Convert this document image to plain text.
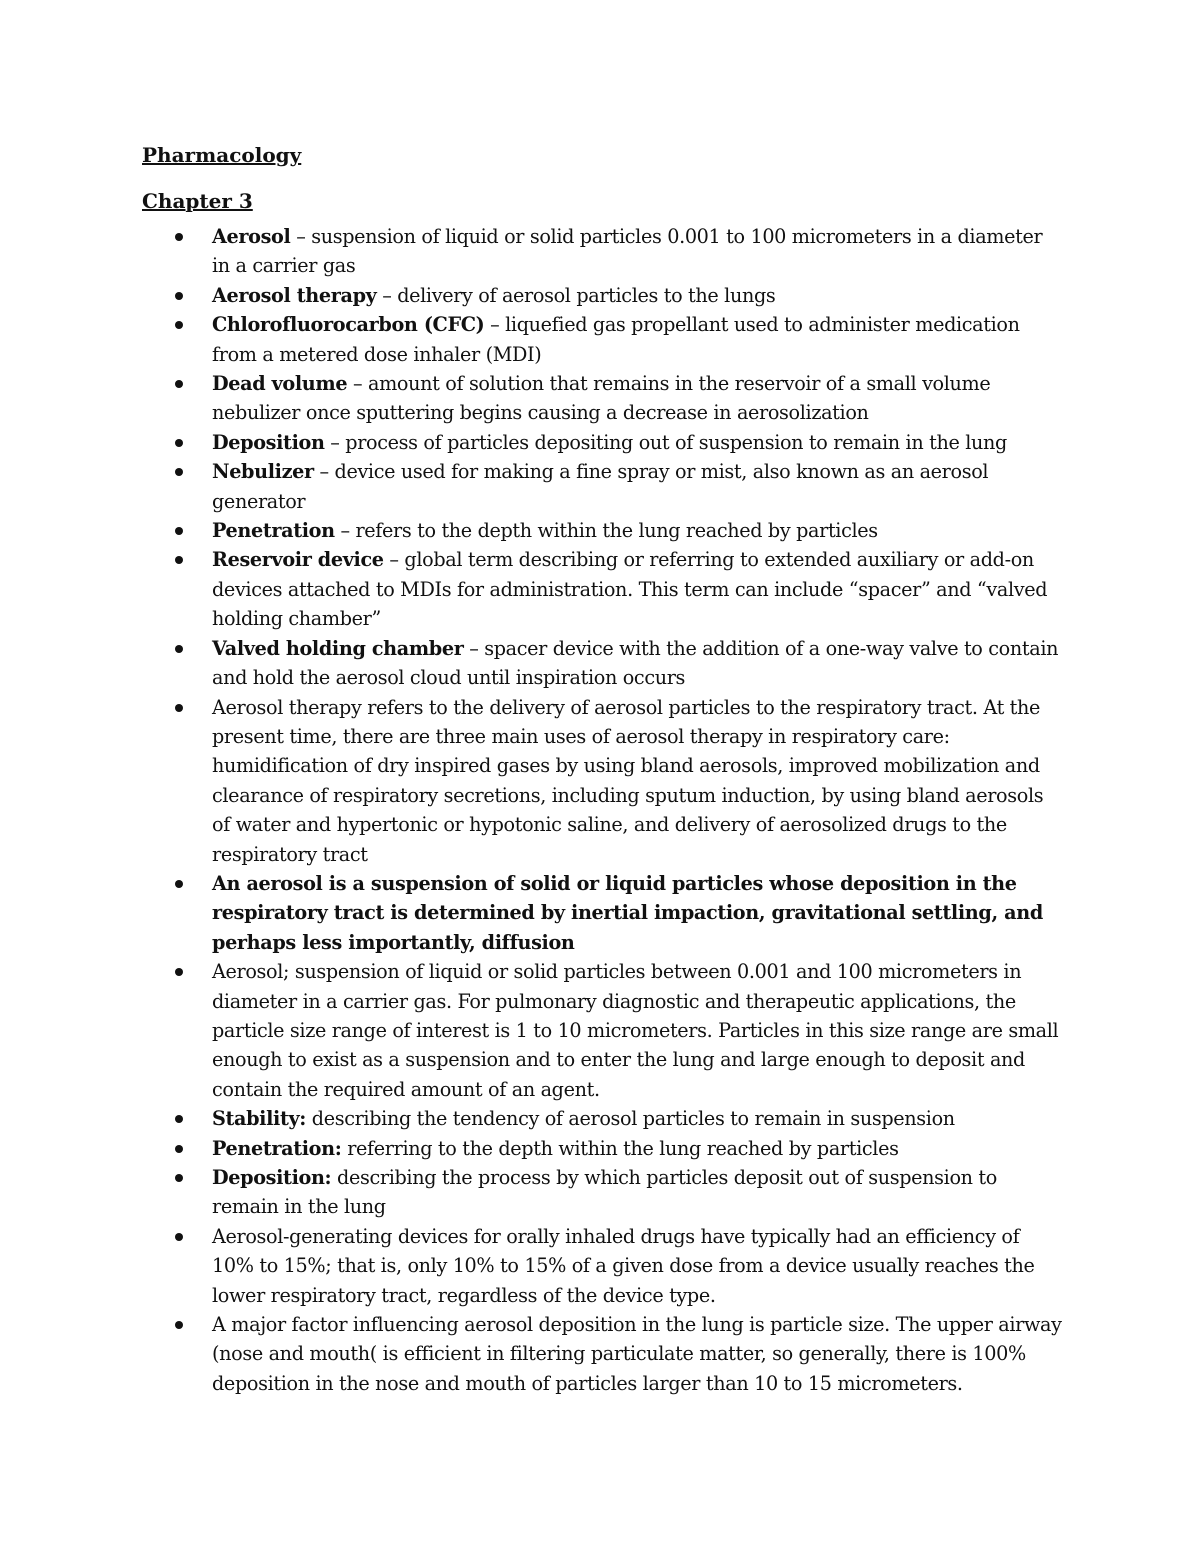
Pharmacology

Chapter 3

Aerosol – suspension of liquid or solid particles 0.001 to 100 micrometers in a diameter in a carrier gas
Aerosol therapy – delivery of aerosol particles to the lungs
Chlorofluorocarbon (CFC) – liquefied gas propellant used to administer medication from a metered dose inhaler (MDI)
Dead volume – amount of solution that remains in the reservoir of a small volume nebulizer once sputtering begins causing a decrease in aerosolization
Deposition – process of particles depositing out of suspension to remain in the lung
Nebulizer – device used for making a fine spray or mist, also known as an aerosol generator
Penetration – refers to the depth within the lung reached by particles
Reservoir device – global term describing or referring to extended auxiliary or add-on devices attached to MDIs for administration. This term can include “spacer” and “valved holding chamber”
Valved holding chamber – spacer device with the addition of a one-way valve to contain and hold the aerosol cloud until inspiration occurs
Aerosol therapy refers to the delivery of aerosol particles to the respiratory tract. At the present time, there are three main uses of aerosol therapy in respiratory care: humidification of dry inspired gases by using bland aerosols, improved mobilization and clearance of respiratory secretions, including sputum induction, by using bland aerosols of water and hypertonic or hypotonic saline, and delivery of aerosolized drugs to the respiratory tract
An aerosol is a suspension of solid or liquid particles whose deposition in the respiratory tract is determined by inertial impaction, gravitational settling, and perhaps less importantly, diffusion
Aerosol; suspension of liquid or solid particles between 0.001 and 100 micrometers in diameter in a carrier gas. For pulmonary diagnostic and therapeutic applications, the particle size range of interest is 1 to 10 micrometers. Particles in this size range are small enough to exist as a suspension and to enter the lung and large enough to deposit and contain the required amount of an agent.
Stability: describing the tendency of aerosol particles to remain in suspension
Penetration: referring to the depth within the lung reached by particles
Deposition: describing the process by which particles deposit out of suspension to remain in the lung
Aerosol-generating devices for orally inhaled drugs have typically had an efficiency of 10% to 15%; that is, only 10% to 15% of a given dose from a device usually reaches the lower respiratory tract, regardless of the device type.
A major factor influencing aerosol deposition in the lung is particle size. The upper airway (nose and mouth( is efficient in filtering particulate matter, so generally, there is 100% deposition in the nose and mouth of particles larger than 10 to 15 micrometers.
